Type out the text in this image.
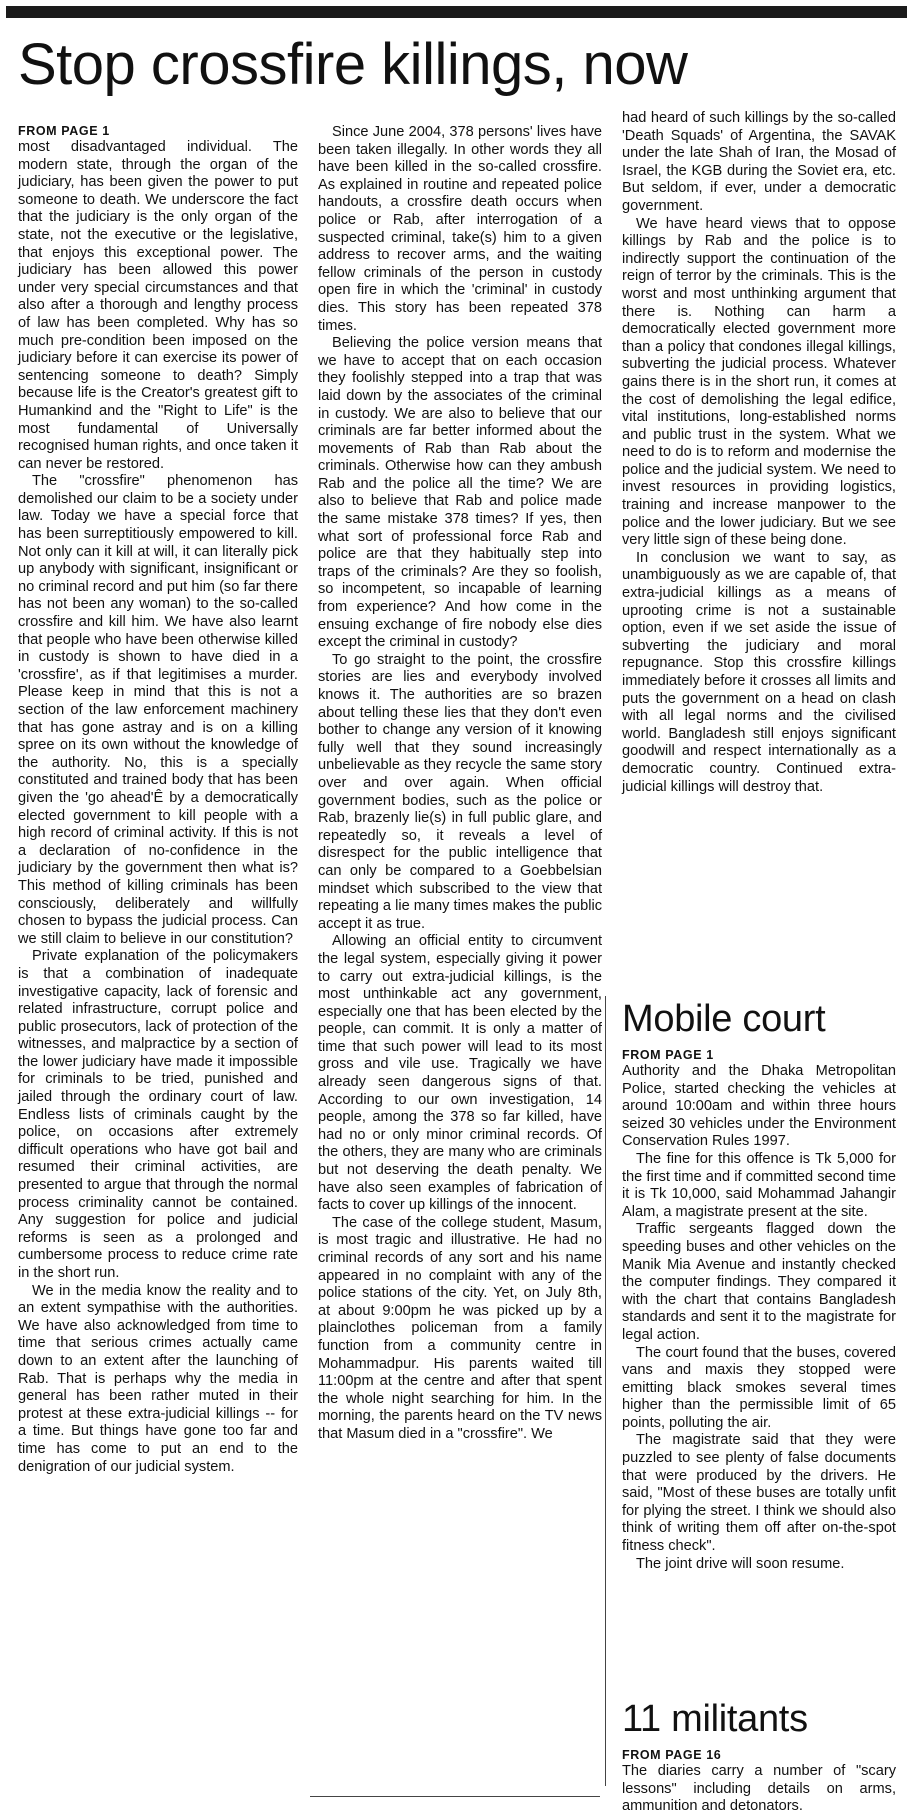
Stop crossfire killings, now
FROM PAGE 1

most disadvantaged individual. The modern state, through the organ of the judiciary, has been given the power to put someone to death. We underscore the fact that the judiciary is the only organ of the state, not the executive or the legislative, that enjoys this exceptional power. The judiciary has been allowed this power under very special circumstances and that also after a thorough and lengthy process of law has been completed. Why has so much pre-condition been imposed on the judiciary before it can exercise its power of sentencing someone to death? Simply because life is the Creator's greatest gift to Humankind and the "Right to Life" is the most fundamental of Universally recognised human rights, and once taken it can never be restored.

The "crossfire" phenomenon has demolished our claim to be a society under law. Today we have a special force that has been surreptitiously empowered to kill. Not only can it kill at will, it can literally pick up anybody with significant, insignificant or no criminal record and put him (so far there has not been any woman) to the so-called crossfire and kill him. We have also learnt that people who have been otherwise killed in custody is shown to have died in a 'crossfire', as if that legitimises a murder. Please keep in mind that this is not a section of the law enforcement machinery that has gone astray and is on a killing spree on its own without the knowledge of the authority. No, this is a specially constituted and trained body that has been given the 'go ahead'Ê by a democratically elected government to kill people with a high record of criminal activity. If this is not a declaration of no-confidence in the judiciary by the government then what is? This method of killing criminals has been consciously, deliberately and willfully chosen to bypass the judicial process. Can we still claim to believe in our constitution?

Private explanation of the policymakers is that a combination of inadequate investigative capacity, lack of forensic and related infrastructure, corrupt police and public prosecutors, lack of protection of the witnesses, and malpractice by a section of the lower judiciary have made it impossible for criminals to be tried, punished and jailed through the ordinary court of law. Endless lists of criminals caught by the police, on occasions after extremely difficult operations who have got bail and resumed their criminal activities, are presented to argue that through the normal process criminality cannot be contained. Any suggestion for police and judicial reforms is seen as a prolonged and cumbersome process to reduce crime rate in the short run.

We in the media know the reality and to an extent sympathise with the authorities. We have also acknowledged from time to time that serious crimes actually came down to an extent after the launching of Rab. That is perhaps why the media in general has been rather muted in their protest at these extra-judicial killings -- for a time. But things have gone too far and time has come to put an end to the denigration of our judicial system.

Since June 2004, 378 persons' lives have been taken illegally. In other words they all have been killed in the so-called crossfire. As explained in routine and repeated police handouts, a crossfire death occurs when police or Rab, after interrogation of a suspected criminal, take(s) him to a given address to recover arms, and the waiting fellow criminals of the person in custody open fire in which the 'criminal' in custody dies. This story has been repeated 378 times.

Believing the police version means that we have to accept that on each occasion they foolishly stepped into a trap that was laid down by the associates of the criminal in custody. We are also to believe that our criminals are far better informed about the movements of Rab than Rab about the criminals. Otherwise how can they ambush Rab and the police all the time? We are also to believe that Rab and police made the same mistake 378 times? If yes, then what sort of professional force Rab and police are that they habitually step into traps of the criminals? Are they so foolish, so incompetent, so incapable of learning from experience? And how come in the ensuing exchange of fire nobody else dies except the criminal in custody?

To go straight to the point, the crossfire stories are lies and everybody involved knows it. The authorities are so brazen about telling these lies that they don't even bother to change any version of it knowing fully well that they sound increasingly unbelievable as they recycle the same story over and over again. When official government bodies, such as the police or Rab, brazenly lie(s) in full public glare, and repeatedly so, it reveals a level of disrespect for the public intelligence that can only be compared to a Goebbelsian mindset which subscribed to the view that repeating a lie many times makes the public accept it as true.

Allowing an official entity to circumvent the legal system, especially giving it power to carry out extra-judicial killings, is the most unthinkable act any government, especially one that has been elected by the people, can commit. It is only a matter of time that such power will lead to its most gross and vile use. Tragically we have already seen dangerous signs of that. According to our own investigation, 14 people, among the 378 so far killed, have had no or only minor criminal records. Of the others, they are many who are criminals but not deserving the death penalty. We have also seen examples of fabrication of facts to cover up killings of the innocent.

The case of the college student, Masum, is most tragic and illustrative. He had no criminal records of any sort and his name appeared in no complaint with any of the police stations of the city. Yet, on July 8th, at about 9:00pm he was picked up by a plainclothes policeman from a family function from a community centre in Mohammadpur. His parents waited till 11:00pm at the centre and after that spent the whole night searching for him. In the morning, the parents heard on the TV news that Masum died in a "crossfire". We

had heard of such killings by the so-called 'Death Squads' of Argentina, the SAVAK under the late Shah of Iran, the Mosad of Israel, the KGB during the Soviet era, etc. But seldom, if ever, under a democratic government.

We have heard views that to oppose killings by Rab and the police is to indirectly support the continuation of the reign of terror by the criminals. This is the worst and most unthinking argument that there is. Nothing can harm a democratically elected government more than a policy that condones illegal killings, subverting the judicial process. Whatever gains there is in the short run, it comes at the cost of demolishing the legal edifice, vital institutions, long-established norms and public trust in the system. What we need to do is to reform and modernise the police and the judicial system. We need to invest resources in providing logistics, training and increase manpower to the police and the lower judiciary. But we see very little sign of these being done.

In conclusion we want to say, as unambiguously as we are capable of, that extra-judicial killings as a means of uprooting crime is not a sustainable option, even if we set aside the issue of subverting the judiciary and moral repugnance. Stop this crossfire killings immediately before it crosses all limits and puts the government on a head on clash with all legal norms and the civilised world. Bangladesh still enjoys significant goodwill and respect internationally as a democratic country. Continued extra-judicial killings will destroy that.

Mobile court
FROM PAGE 1

Authority and the Dhaka Metropolitan Police, started checking the vehicles at around 10:00am and within three hours seized 30 vehicles under the Environment Conservation Rules 1997.

The fine for this offence is Tk 5,000 for the first time and if committed second time it is Tk 10,000, said Mohammad Jahangir Alam, a magistrate present at the site.

Traffic sergeants flagged down the speeding buses and other vehicles on the Manik Mia Avenue and instantly checked the computer findings. They compared it with the chart that contains Bangladesh standards and sent it to the magistrate for legal action.

The court found that the buses, covered vans and maxis they stopped were emitting black smokes several times higher than the permissible limit of 65 points, polluting the air.

The magistrate said that they were puzzled to see plenty of false documents that were produced by the drivers. He said, "Most of these buses are totally unfit for plying the street. I think we should also think of writing them off after on-the-spot fitness check".

The joint drive will soon resume.

11 militants
FROM PAGE 16

The diaries carry a number of "scary lessons" including details on arms, ammunition and detonators.
